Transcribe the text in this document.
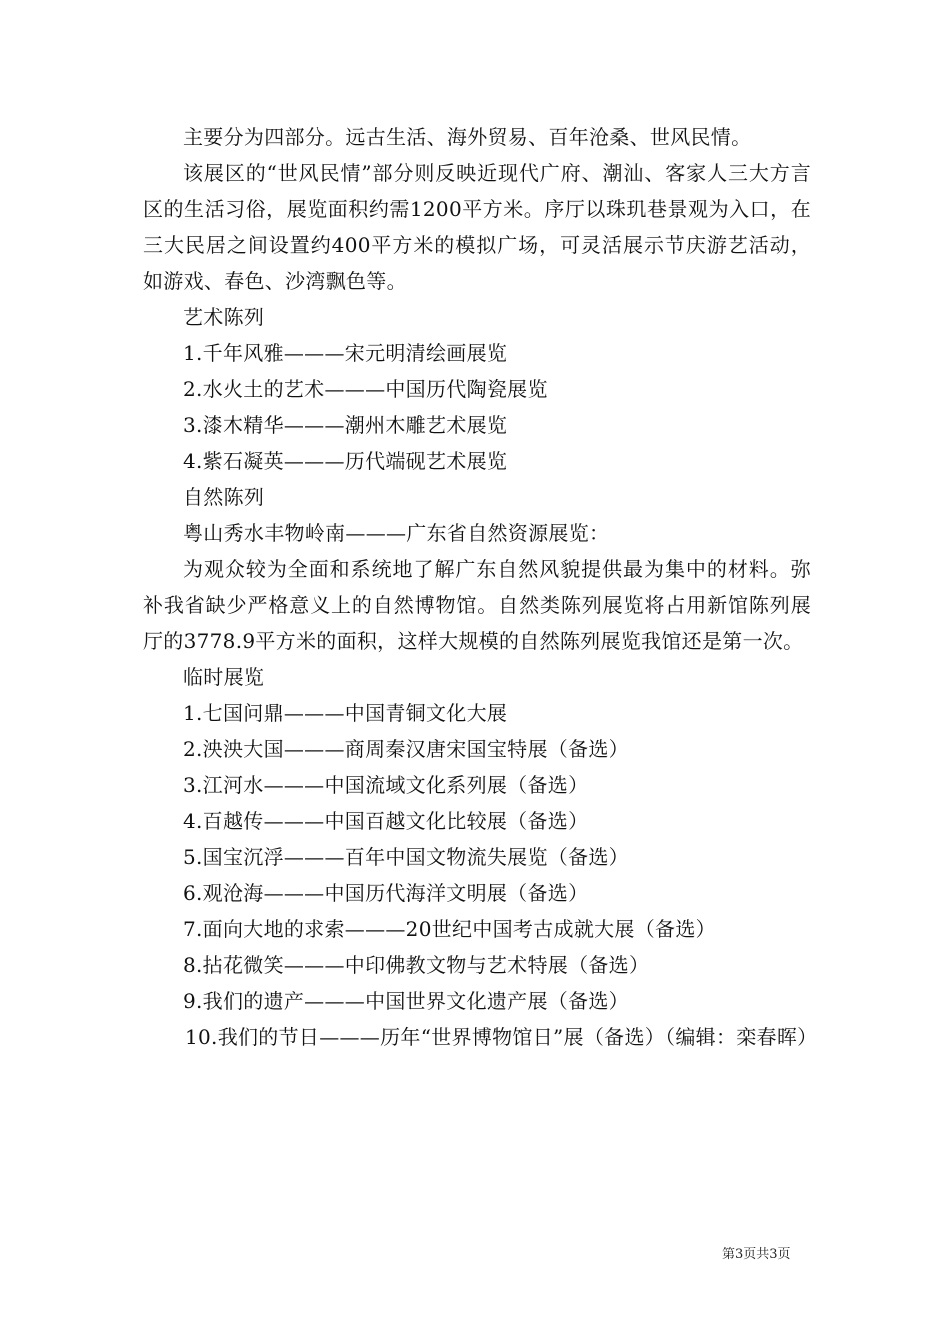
主要分为四部分。远古生活、海外贸易、百年沧桑、世风民情。

该展区的“世风民情”部分则反映近现代广府、潮汕、客家人三大方言区的生活习俗，展览面积约需1200平方米。序厅以珠玑巷景观为入口，在三大民居之间设置约400平方米的模拟广场，可灵活展示节庆游艺活动，如游戏、春色、沙湾飘色等。

艺术陈列

1.千年风雅———宋元明清绘画展览

2.水火土的艺术———中国历代陶瓷展览

3.漆木精华———潮州木雕艺术展览

4.紫石凝英———历代端砚艺术展览

自然陈列

粤山秀水丰物岭南———广东省自然资源展览：

为观众较为全面和系统地了解广东自然风貌提供最为集中的材料。弥补我省缺少严格意义上的自然博物馆。自然类陈列展览将占用新馆陈列展厅的3778.9平方米的面积，这样大规模的自然陈列展览我馆还是第一次。

临时展览

1.七国问鼎———中国青铜文化大展

2.泱泱大国———商周秦汉唐宋国宝特展（备选）

3.江河水———中国流域文化系列展（备选）

4.百越传———中国百越文化比较展（备选）

5.国宝沉浮———百年中国文物流失展览（备选）

6.观沧海———中国历代海洋文明展（备选）

7.面向大地的求索———20世纪中国考古成就大展（备选）

8.拈花微笑———中印佛教文物与艺术特展（备选）

9.我们的遗产———中国世界文化遗产展（备选）

10.我们的节日———历年“世界博物馆日”展（备选）（编辑：栾春晖）

第3页共3页
